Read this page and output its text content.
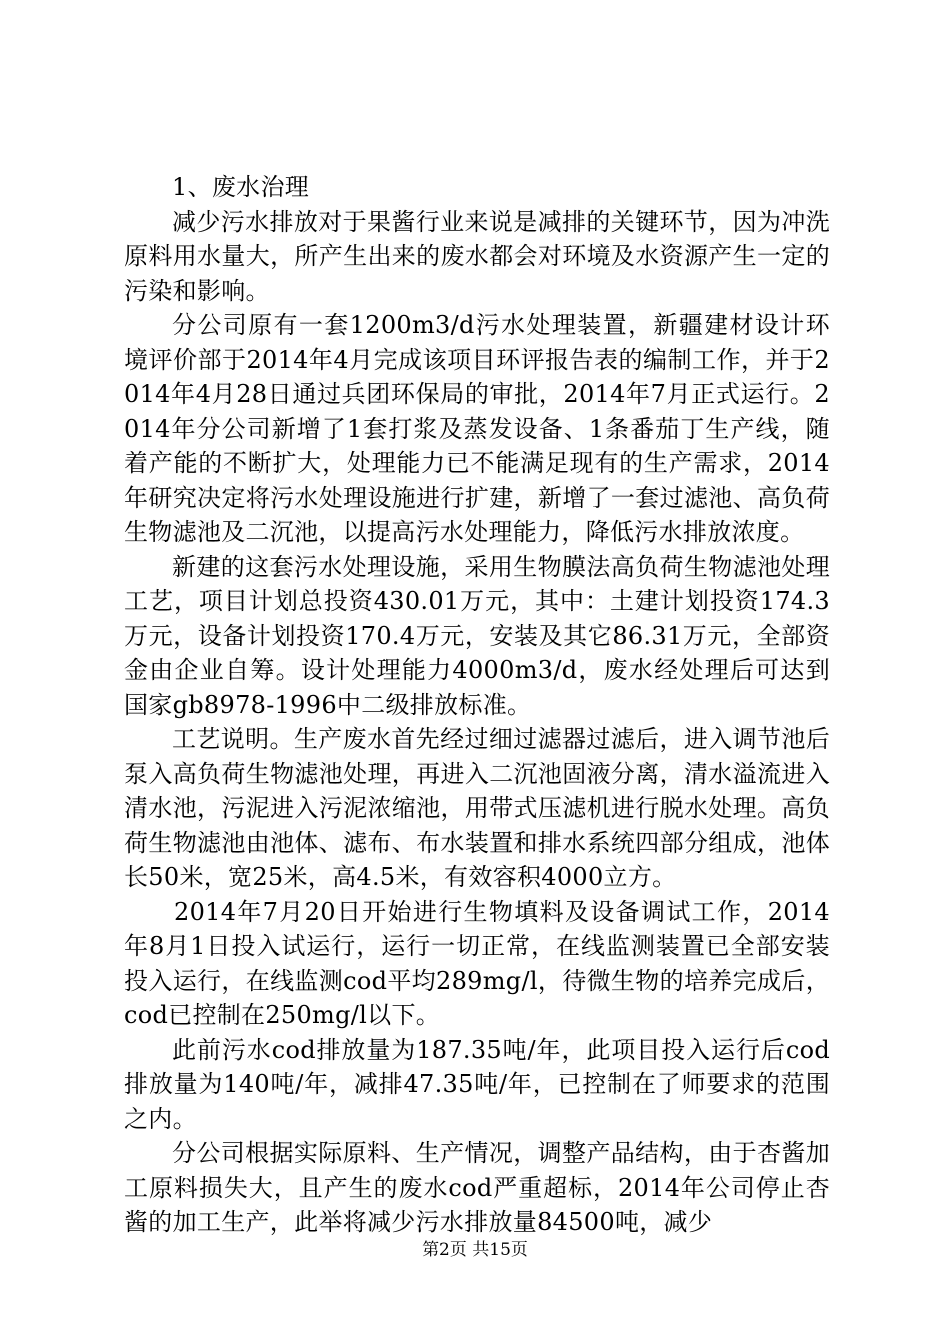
1、废水治理

减少污水排放对于果酱行业来说是减排的关键环节，因为冲洗原料用水量大，所产生出来的废水都会对环境及水资源产生一定的污染和影响。

分公司原有一套1200m3/d污水处理装置，新疆建材设计环境评价部于2014年4月完成该项目环评报告表的编制工作，并于2014年4月28日通过兵团环保局的审批，2014年7月正式运行。2014年分公司新增了1套打浆及蒸发设备、1条番茄丁生产线，随着产能的不断扩大，处理能力已不能满足现有的生产需求，2014年研究决定将污水处理设施进行扩建，新增了一套过滤池、高负荷生物滤池及二沉池，以提高污水处理能力，降低污水排放浓度。

新建的这套污水处理设施，采用生物膜法高负荷生物滤池处理工艺，项目计划总投资430.01万元，其中：土建计划投资174.3万元，设备计划投资170.4万元，安装及其它86.31万元，全部资金由企业自筹。设计处理能力4000m3/d，废水经处理后可达到国家gb8978-1996中二级排放标准。

工艺说明。生产废水首先经过细过滤器过滤后，进入调节池后泵入高负荷生物滤池处理，再进入二沉池固液分离，清水溢流进入清水池，污泥进入污泥浓缩池，用带式压滤机进行脱水处理。高负荷生物滤池由池体、滤布、布水装置和排水系统四部分组成，池体长50米，宽25米，高4.5米，有效容积4000立方。

2014年7月20日开始进行生物填料及设备调试工作，2014年8月1日投入试运行，运行一切正常，在线监测装置已全部安装投入运行，在线监测cod平均289mg/l，待微生物的培养完成后，cod已控制在250mg/l以下。

此前污水cod排放量为187.35吨/年，此项目投入运行后cod排放量为140吨/年，减排47.35吨/年，已控制在了师要求的范围之内。

分公司根据实际原料、生产情况，调整产品结构，由于杏酱加工原料损失大，且产生的废水cod严重超标，2014年公司停止杏酱的加工生产，此举将减少污水排放量84500吨，减少

第2页 共15页
